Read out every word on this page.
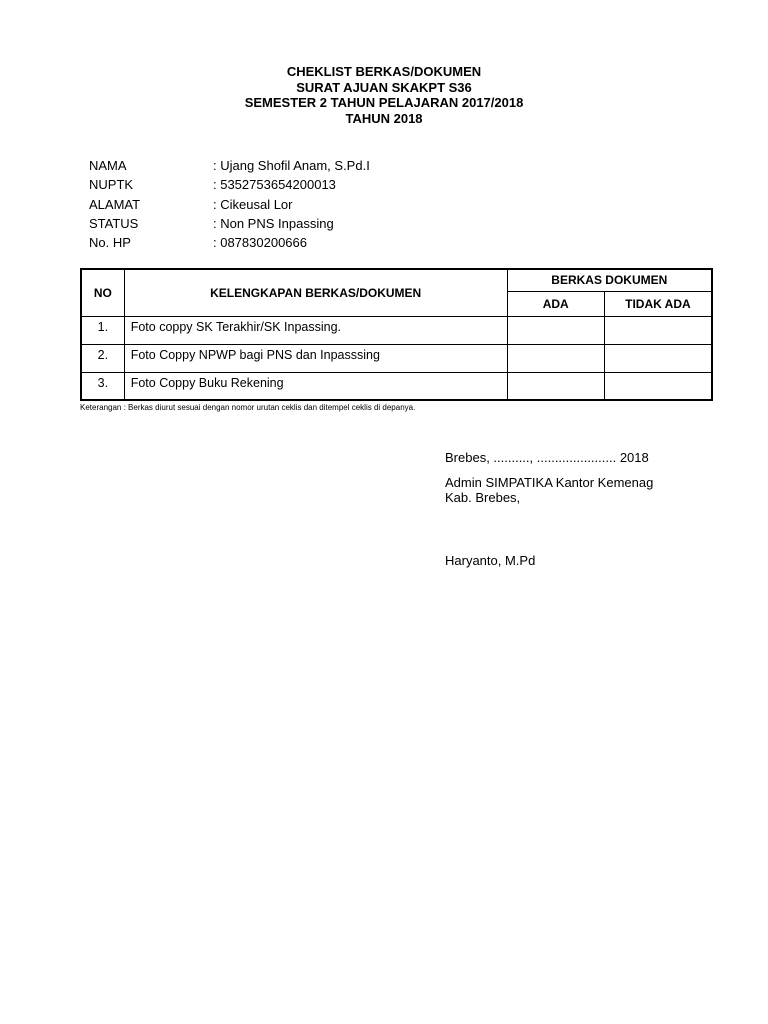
CHEKLIST BERKAS/DOKUMEN
SURAT AJUAN SKAKPT S36
SEMESTER 2 TAHUN PELAJARAN 2017/2018
TAHUN 2018
NAMA	: Ujang Shofil Anam, S.Pd.I
NUPTK	: 5352753654200013
ALAMAT	: Cikeusal Lor
STATUS	: Non PNS Inpassing
No. HP	: 087830200666
NO	KELENGKAPAN BERKAS/DOKUMEN	BERKAS DOKUMEN	
		ADA	TIDAK ADA
1.	Foto coppy SK Terakhir/SK Inpassing.		
2.	Foto Coppy NPWP bagi PNS dan Inpasssing		
3.	Foto Coppy Buku Rekening		
Keterangan : Berkas diurut sesuai dengan nomor urutan ceklis dan ditempel ceklis di depanya.
Brebes, .........., ...................... 2018
Admin SIMPATIKA Kantor Kemenag
Kab. Brebes,
Haryanto, M.Pd
